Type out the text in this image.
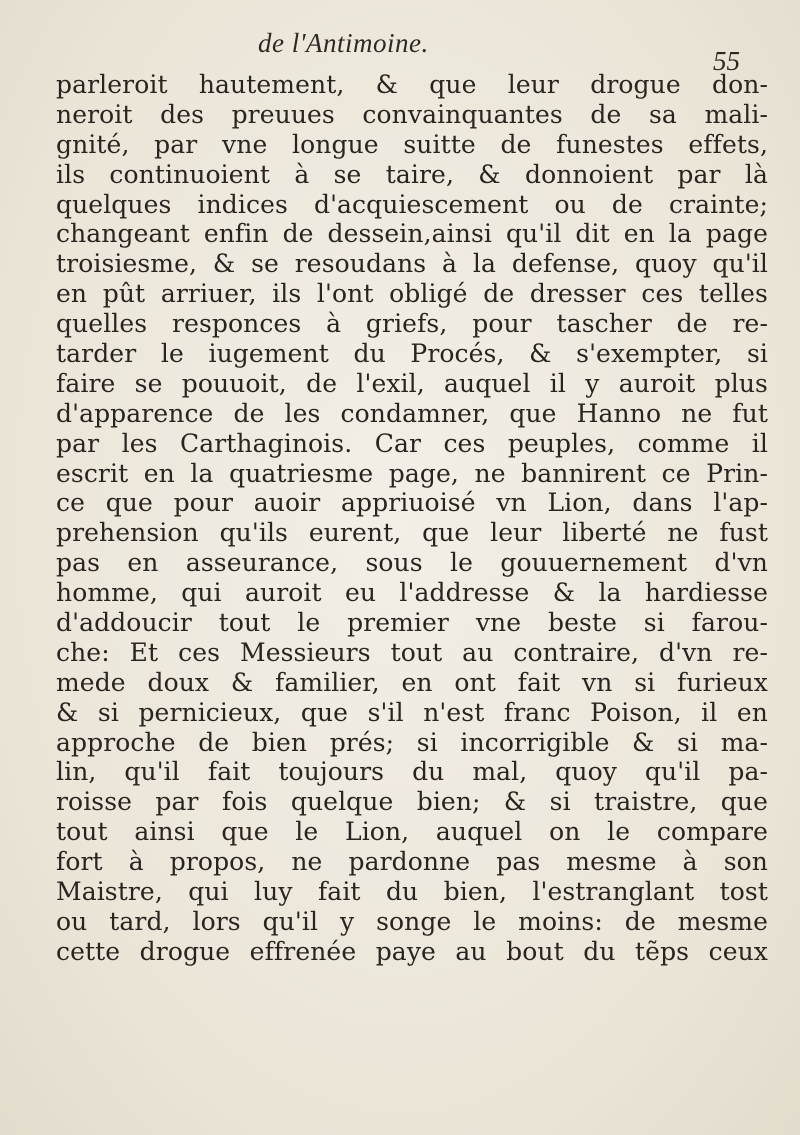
de l'Antimoine.
55
parleroit hautement, & que leur drogue don-
neroit des preuues convainquantes de sa mali-
gnité, par vne longue suitte de funestes effets,
ils continuoient à se taire, & donnoient par là
quelques indices d'acquiescement ou de crainte;
changeant enfin de dessein,ainsi qu'il dit en la page
troisiesme, & se resoudans à la defense, quoy qu'il
en pût arriuer, ils l'ont obligé de dresser ces telles
quelles responces à griefs, pour tascher de re-
tarder le iugement du Procés, & s'exempter, si
faire se pouuoit, de l'exil, auquel il y auroit plus
d'apparence de les condamner, que Hanno ne fut
par les Carthaginois. Car ces peuples, comme il
escrit en la quatriesme page, ne bannirent ce Prin-
ce que pour auoir appriuoisé vn Lion, dans l'ap-
prehension qu'ils eurent, que leur liberté ne fust
pas en asseurance, sous le gouuernement d'vn
homme, qui auroit eu l'addresse & la hardiesse
d'addoucir tout le premier vne beste si farou-
che: Et ces Messieurs tout au contraire, d'vn re-
mede doux & familier, en ont fait vn si furieux
& si pernicieux, que s'il n'est franc Poison, il en
approche de bien prés; si incorrigible & si ma-
lin, qu'il fait toujours du mal, quoy qu'il pa-
roisse par fois quelque bien; & si traistre, que
tout ainsi que le Lion, auquel on le compare
fort à propos, ne pardonne pas mesme à son
Maistre, qui luy fait du bien, l'estranglant tost
ou tard, lors qu'il y songe le moins: de mesme
cette drogue effrenée paye au bout du tẽps ceux
